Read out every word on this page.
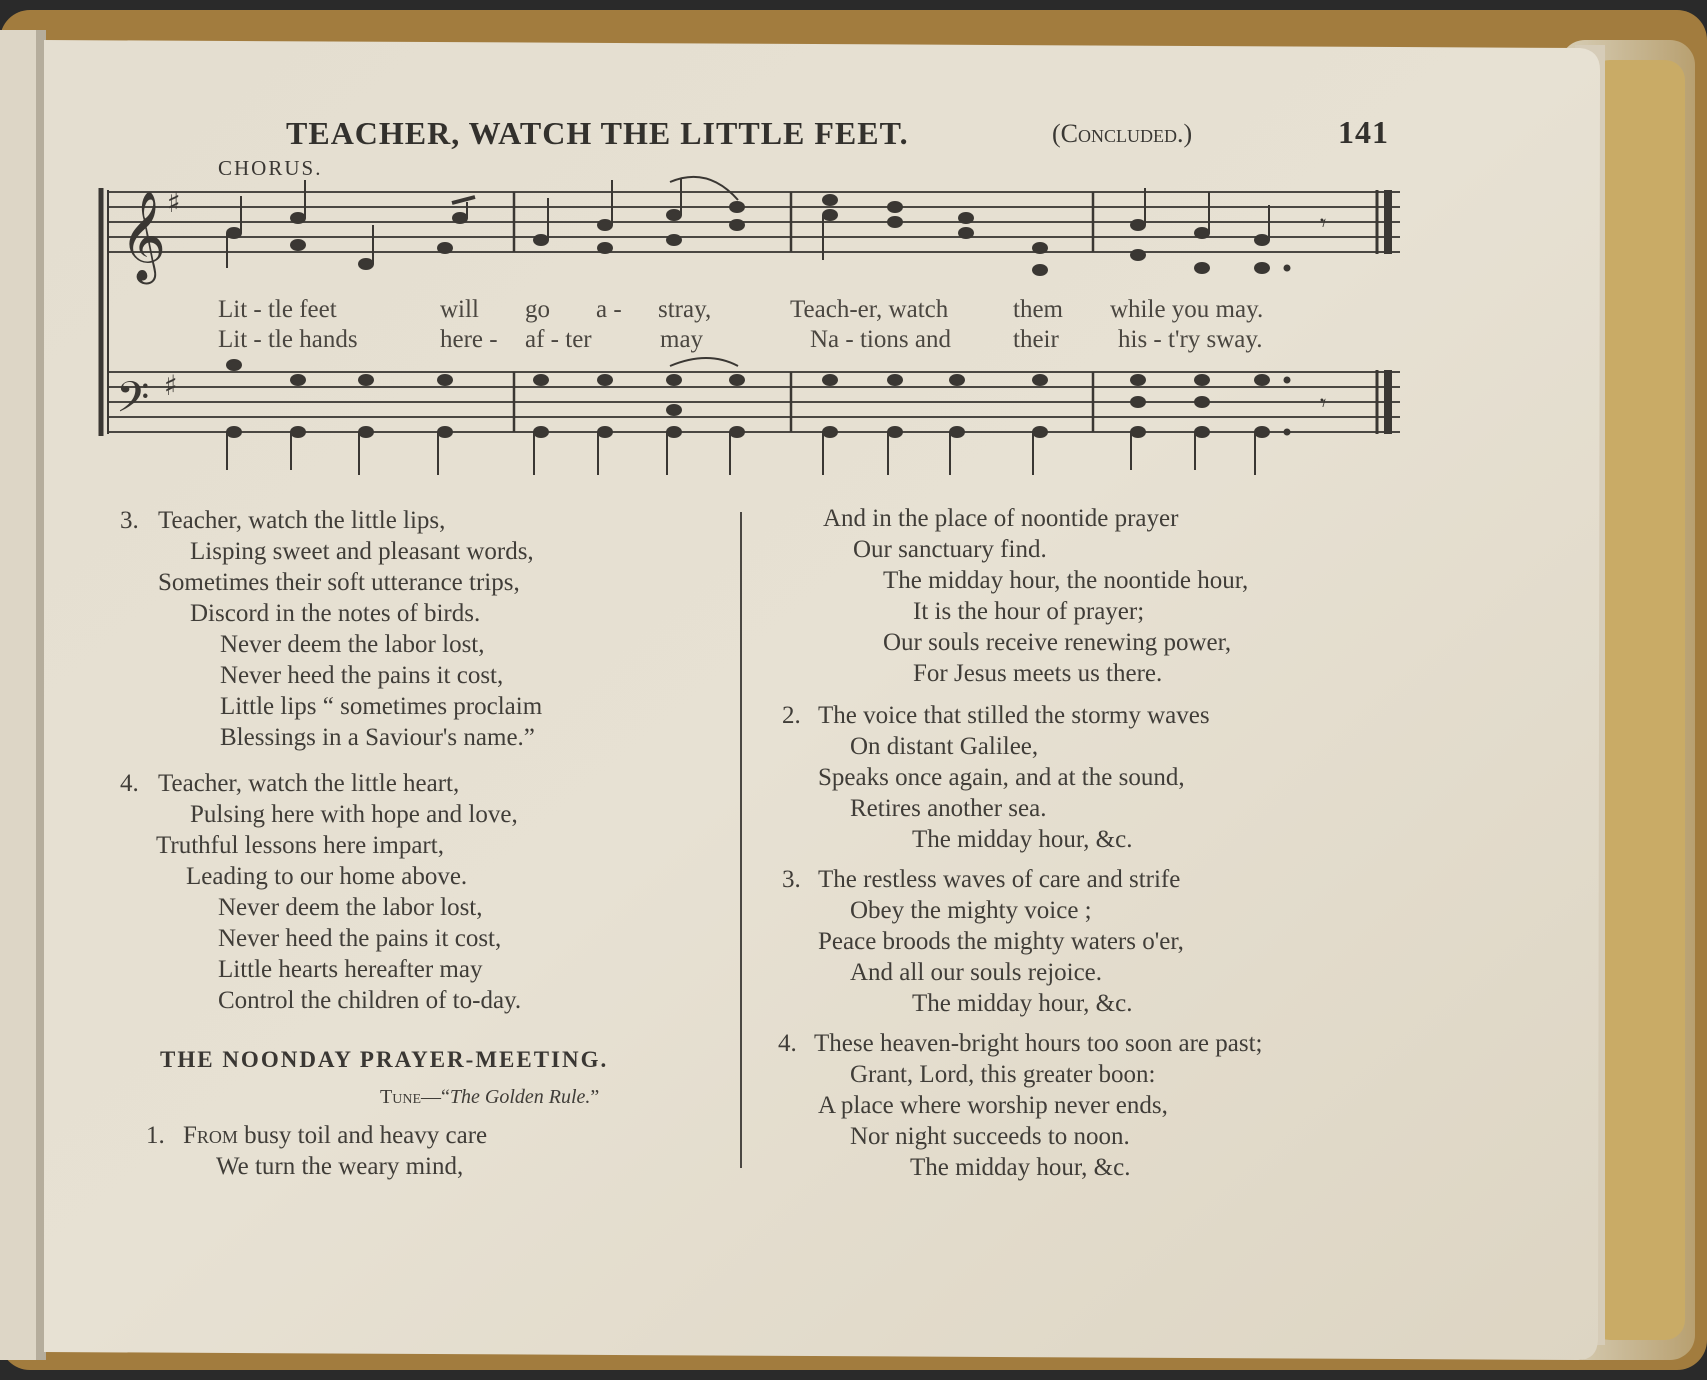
TEACHER, WATCH THE LITTLE FEET.	(Concluded.)	141
CHORUS.
𝄞
𝄢
♯
♯
𝄾
𝄾
Lit - tle feet	will go a - stray,	Teach-er, watch	them while you may.
Lit - tle hands	here - af - ter	may	Na - tions and their his - t'ry sway.
3. Teacher, watch the little lips,
Lisping sweet and pleasant words,
Sometimes their soft utterance trips,
Discord in the notes of birds.
Never deem the labor lost,
Never heed the pains it cost,
Little lips “ sometimes proclaim
Blessings in a Saviour's name.”
4. Teacher, watch the little heart,
Pulsing here with hope and love,
Truthful lessons here impart,
Leading to our home above.
Never deem the labor lost,
Never heed the pains it cost,
Little hearts hereafter may
Control the children of to-day.
THE NOONDAY PRAYER-MEETING.
Tune—“The Golden Rule.”
1. From busy toil and heavy care
We turn the weary mind,
And in the place of noontide prayer
Our sanctuary find.
The midday hour, the noontide hour,
It is the hour of prayer;
Our souls receive renewing power,
For Jesus meets us there.
2. The voice that stilled the stormy waves
On distant Galilee,
Speaks once again, and at the sound,
Retires another sea.
The midday hour, &c.
3. The restless waves of care and strife
Obey the mighty voice ;
Peace broods the mighty waters o'er,
And all our souls rejoice.
The midday hour, &c.
4. These heaven-bright hours too soon are past;
Grant, Lord, this greater boon:
A place where worship never ends,
Nor night succeeds to noon.
The midday hour, &c.
